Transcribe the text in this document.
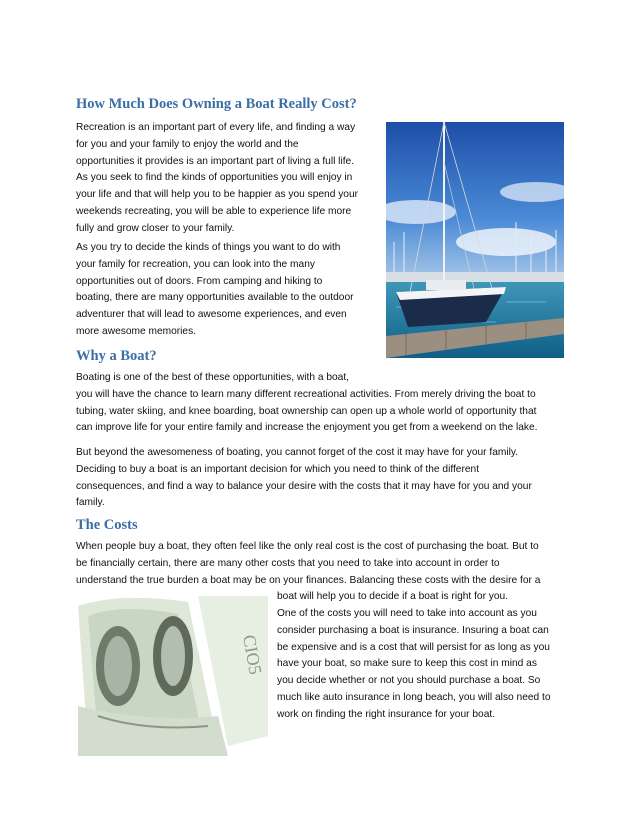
How Much Does Owning a Boat Really Cost?
Recreation is an important part of every life, and finding a way
for you and your family to enjoy the world and the
opportunities it provides is an important part of living a full life.
As you seek to find the kinds of opportunities you will enjoy in
your life and that will help you to be happier as you spend your
weekends recreating, you will be able to experience life more
fully and grow closer to your family.
As you try to decide the kinds of things you want to do with
your family for recreation, you can look into the many
opportunities out of doors. From camping and hiking to
boating, there are many opportunities available to the outdoor
adventurer that will lead to awesome experiences, and even
more awesome memories.
Why a Boat?
Boating is one of the best of these opportunities, with a boat,
you will have the chance to learn many different recreational activities. From merely driving the boat to
tubing, water skiing, and knee boarding, boat ownership can open up a whole world of opportunity that
can improve life for your entire family and increase the enjoyment you get from a weekend on the lake.
But beyond the awesomeness of boating, you cannot forget of the cost it may have for your family.
Deciding to buy a boat is an important decision for which you need to think of the different
consequences, and find a way to balance your desire with the costs that it may have for you and your
family.
The Costs
When people buy a boat, they often feel like the only real cost is the cost of purchasing the boat. But to
be financially certain, there are many other costs that you need to take into account in order to
understand the true burden a boat may be on your finances. Balancing these costs with the desire for a
boat will help you to decide if a boat is right for you.
CIO5
One of the costs you will need to take into account as you
consider purchasing a boat is insurance. Insuring a boat can
be expensive and is a cost that will persist for as long as you
have your boat, so make sure to keep this cost in mind as
you decide whether or not you should purchase a boat. So
much like auto insurance in long beach, you will also need to
work on finding the right insurance for your boat.
